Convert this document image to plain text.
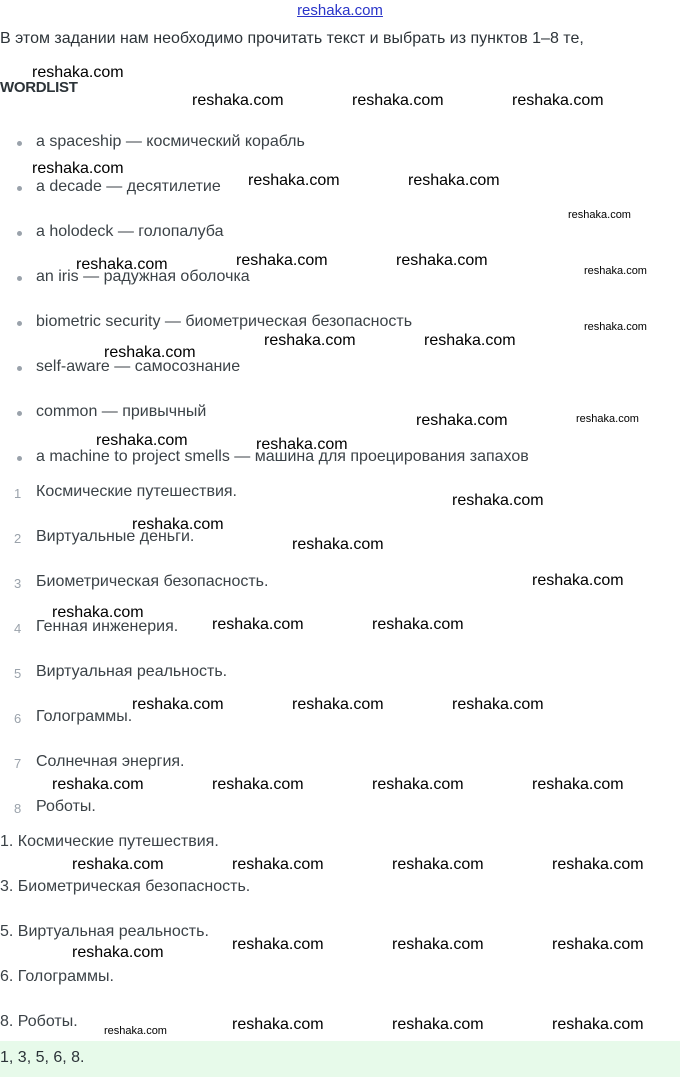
reshaka.com
В этом задании нам необходимо прочитать текст и выбрать из пунктов 1–8 те,
WORDLIST
a spaceship — космический корабль
a decade — десятилетие
a holodeck — голопалуба
an iris — радужная оболочка
biometric security — биометрическая безопасность
self-aware — самосознание
common — привычный
a machine to project smells — машина для проецирования запахов
1 Космические путешествия.
2 Виртуальные деньги.
3 Биометрическая безопасность.
4 Генная инженерия.
5 Виртуальная реальность.
6 Голограммы.
7 Солнечная энергия.
8 Роботы.
1. Космические путешествия.
3. Биометрическая безопасность.
5. Виртуальная реальность.
6. Голограммы.
8. Роботы.
1, 3, 5, 6, 8.
reshaka.com
reshaka.com	reshaka.com	reshaka.com
reshaka.com
reshaka.com	reshaka.com
reshaka.com
reshaka.com	reshaka.com	reshaka.com
reshaka.com
reshaka.com	reshaka.com
reshaka.com
reshaka.com
reshaka.com	reshaka.com
reshaka.com	reshaka.com
reshaka.com
reshaka.com
reshaka.com
reshaka.com
reshaka.com
reshaka.com	reshaka.com
reshaka.com	reshaka.com	reshaka.com
reshaka.com	reshaka.com	reshaka.com	reshaka.com
reshaka.com	reshaka.com	reshaka.com	reshaka.com
reshaka.com	reshaka.com	reshaka.com
reshaka.com
reshaka.com	reshaka.com	reshaka.com
reshaka.com
